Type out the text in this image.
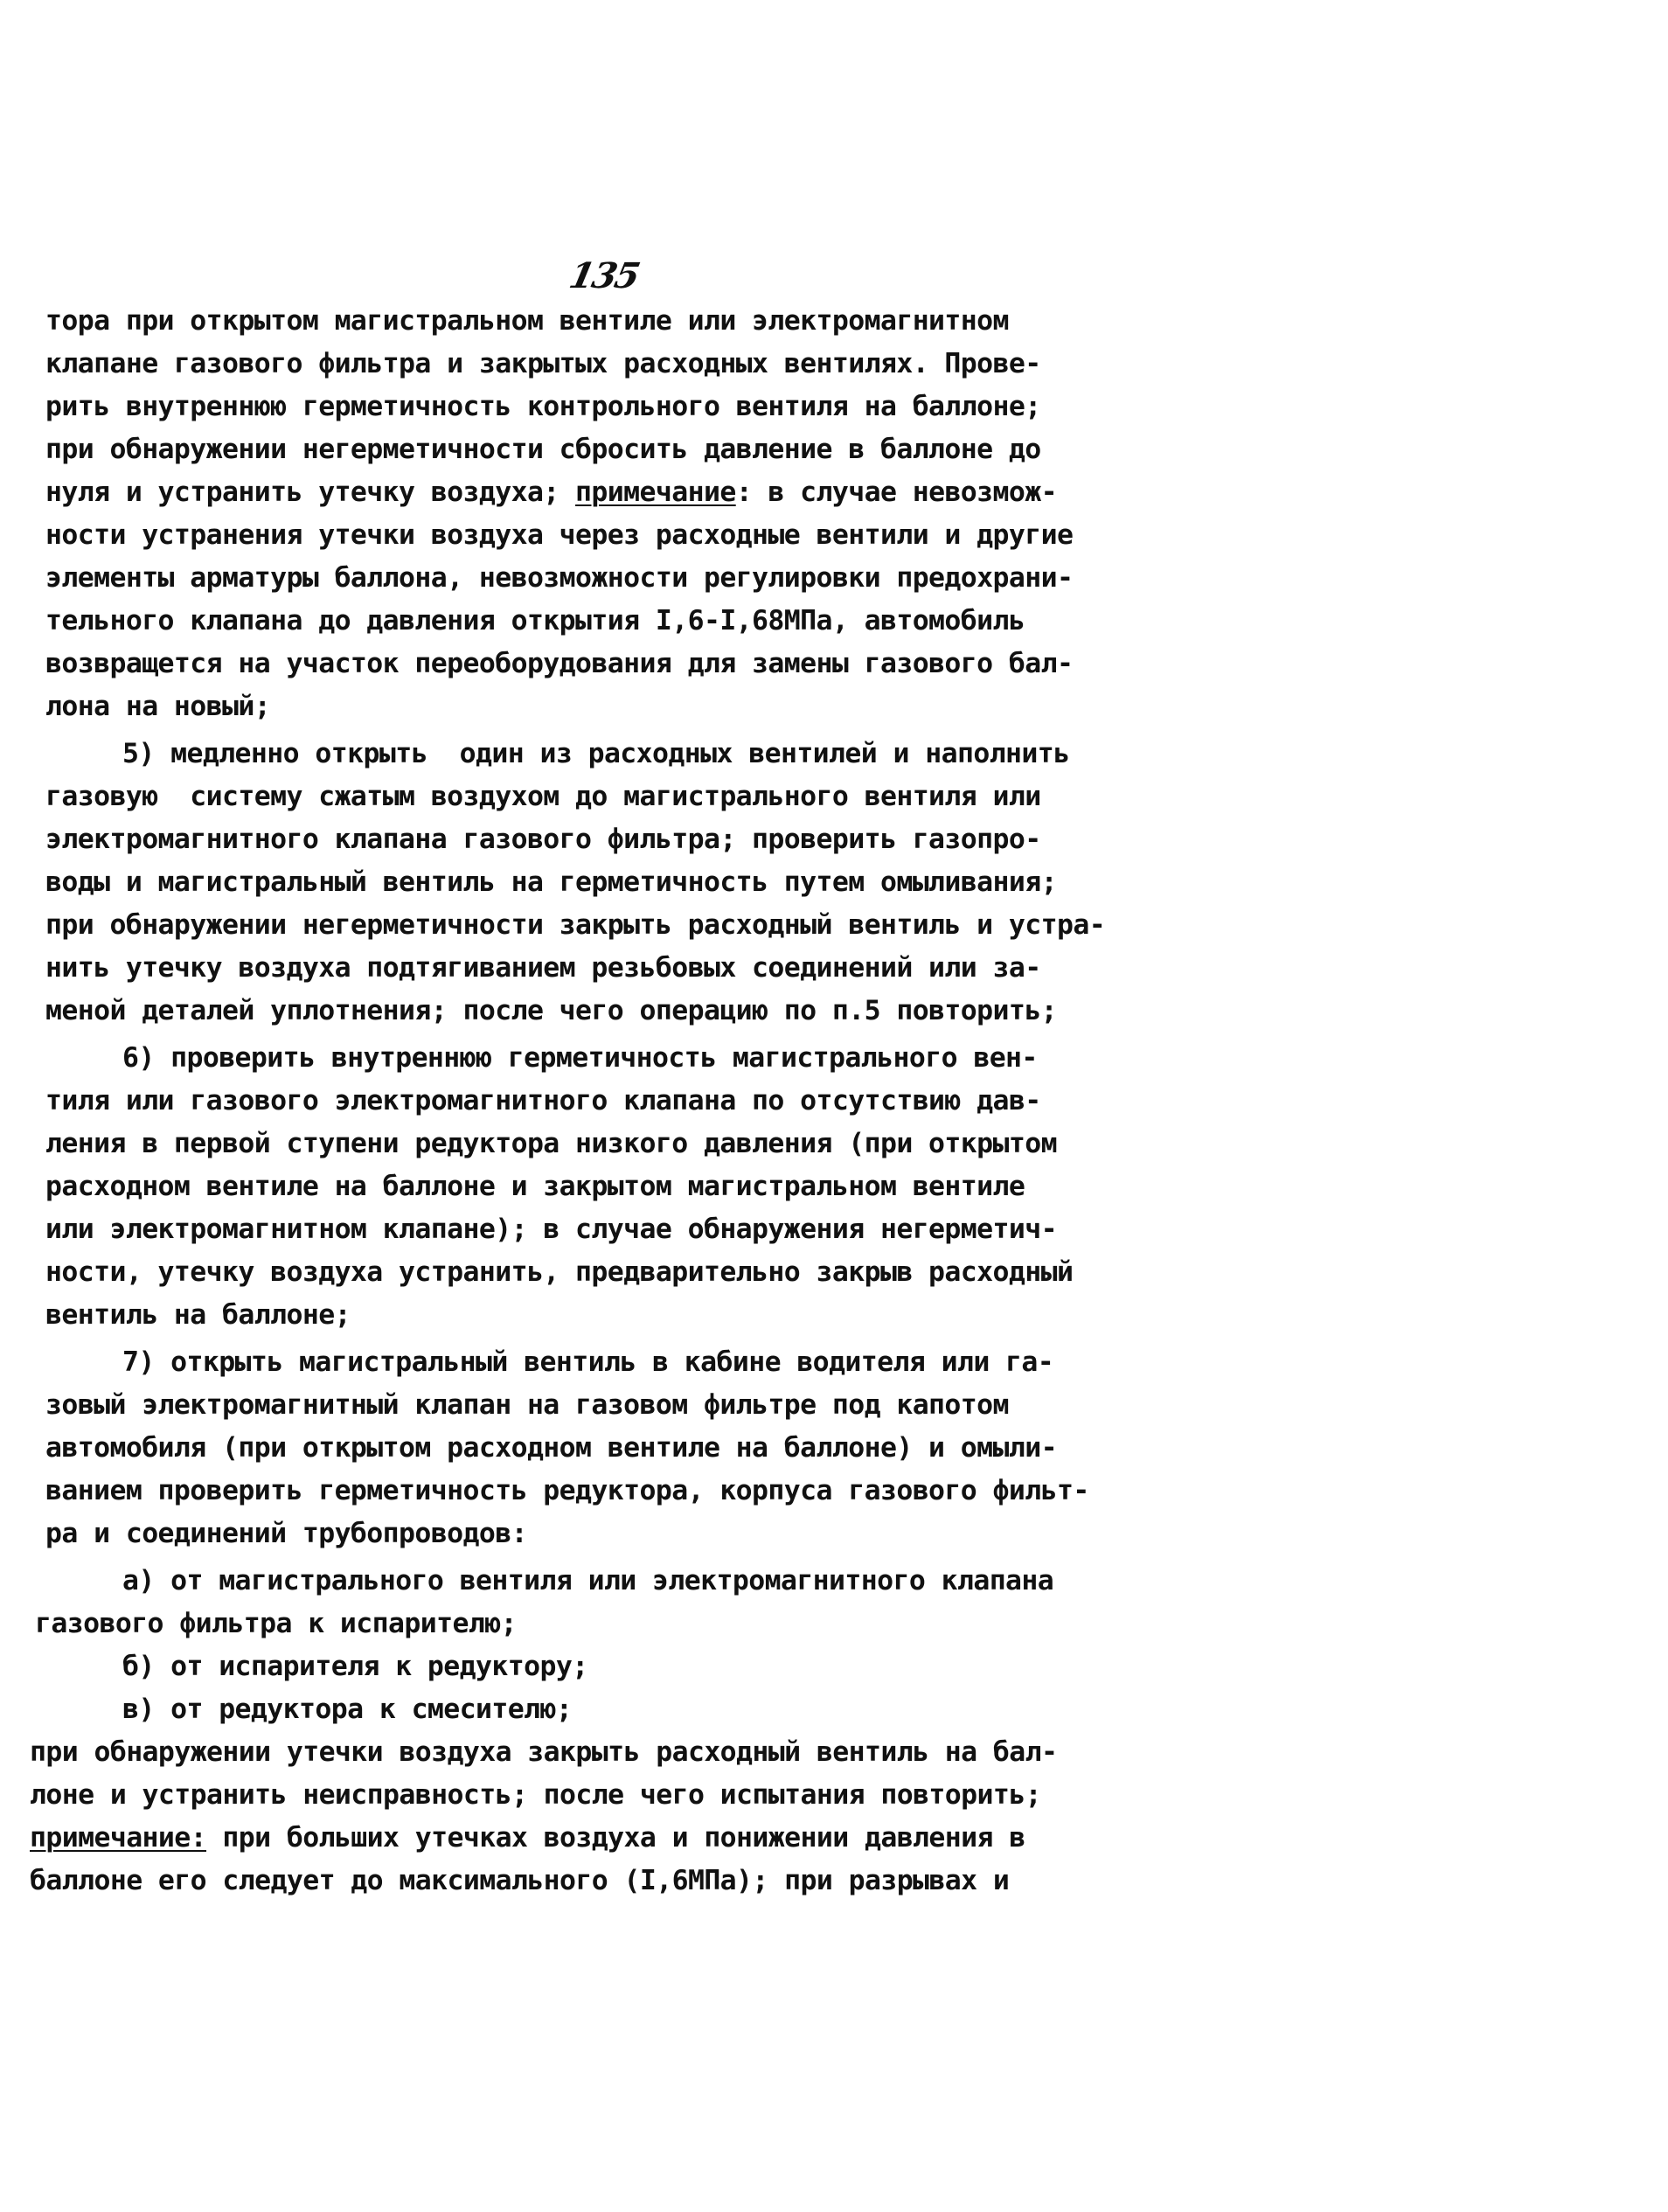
135
тора при открытом магистральном вентиле или электромагнитном
клапане газового фильтра и закрытых расходных вентилях. Прове-
рить внутреннюю герметичность контрольного вентиля на баллоне;
при обнаружении негерметичности сбросить давление в баллоне до
нуля и устранить утечку воздуха; примечание: в случае невозмож-
ности устранения утечки воздуха через расходные вентили и другие
элементы арматуры баллона, невозможности регулировки предохрани-
тельного клапана до давления открытия I,6-I,68МПа, автомобиль
возвращется на участок переоборудования для замены газового бал-
лона на новый;
5) медленно открыть  один из расходных вентилей и наполнить
газовую  систему сжатым воздухом до магистрального вентиля или
электромагнитного клапана газового фильтра; проверить газопро-
воды и магистральный вентиль на герметичность путем омыливания;
при обнаружении негерметичности закрыть расходный вентиль и устра-
нить утечку воздуха подтягиванием резьбовых соединений или за-
меной деталей уплотнения; после чего операцию по п.5 повторить;
6) проверить внутреннюю герметичность магистрального вен-
тиля или газового электромагнитного клапана по отсутствию дав-
ления в первой ступени редуктора низкого давления (при открытом
расходном вентиле на баллоне и закрытом магистральном вентиле
или электромагнитном клапане); в случае обнаружения негерметич-
ности, утечку воздуха устранить, предварительно закрыв расходный
вентиль на баллоне;
7) открыть магистральный вентиль в кабине водителя или га-
зовый электромагнитный клапан на газовом фильтре под капотом
автомобиля (при открытом расходном вентиле на баллоне) и омыли-
ванием проверить герметичность редуктора, корпуса газового фильт-
ра и соединений трубопроводов:
а) от магистрального вентиля или электромагнитного клапана
газового фильтра к испарителю;
б) от испарителя к редуктору;
в) от редуктора к смесителю;
при обнаружении утечки воздуха закрыть расходный вентиль на бал-
лоне и устранить неисправность; после чего испытания повторить;
примечание: при больших утечках воздуха и понижении давления в
баллоне его следует до максимального (I,6МПа); при разрывах и
